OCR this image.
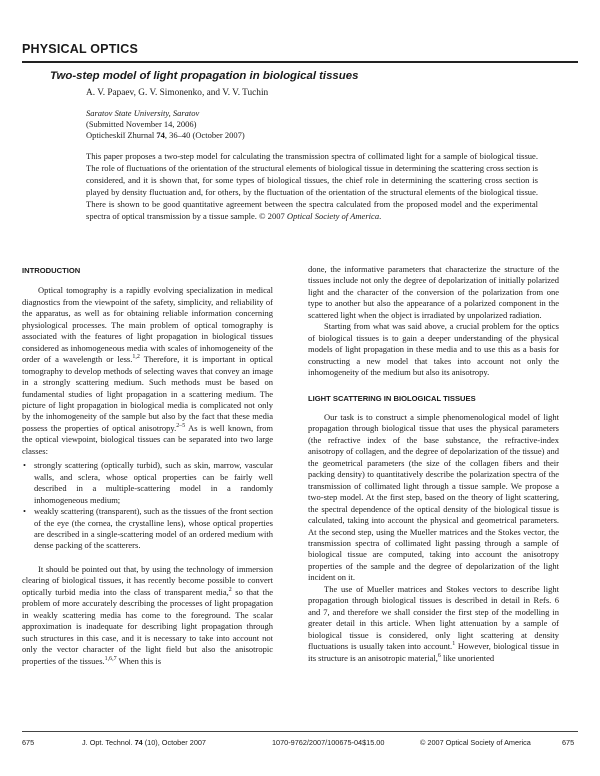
PHYSICAL OPTICS
Two-step model of light propagation in biological tissues
A. V. Papaev, G. V. Simonenko, and V. V. Tuchin
Saratov State University, Saratov
(Submitted November 14, 2006)
Opticheskiĭ Zhurnal 74, 36–40 (October 2007)

This paper proposes a two-step model for calculating the transmission spectra of collimated light for a sample of biological tissue. The role of fluctuations of the orientation of the structural elements of biological tissue in determining the scattering cross section is considered, and it is shown that, for some types of biological tissues, the chief role in determining the scattering cross section is played by density fluctuation and, for others, by the fluctuation of the orientation of the structural elements of the biological tissue. There is shown to be good quantitative agreement between the spectra calculated from the proposed model and the experimental spectra of optical transmission by a tissue sample. © 2007 Optical Society of America.

INTRODUCTION

Optical tomography is a rapidly evolving specialization in medical diagnostics from the viewpoint of the safety, simplicity, and reliability of the apparatus, as well as for obtaining reliable information concerning physiological processes. The main problem of optical tomography is associated with the features of light propagation in biological tissues considered as inhomogeneous media with scales of inhomogeneity of the order of a wavelength or less.$^{1,2}$ Therefore, it is important in optical tomography to develop methods of selecting waves that convey an image in a strongly scattering medium. Such methods must be based on fundamental studies of light propagation in a scattering medium. The picture of light propagation in biological media is complicated not only by the inhomogeneity of the sample but also by the fact that these media possess the properties of optical anisotropy.$^{2-5}$ As is well known, from the optical viewpoint, biological tissues can be separated into two large classes:

• strongly scattering (optically turbid), such as skin, marrow, vascular walls, and sclera, whose optical properties can be fairly well described in a multiple-scattering model in a randomly inhomogeneous medium;
• weakly scattering (transparent), such as the tissues of the front section of the eye (the cornea, the crystalline lens), whose optical properties are described in a single-scattering model of an ordered medium with dense packing of the scatterers.

It should be pointed out that, by using the technology of immersion clearing of biological tissues, it has recently become possible to convert optically turbid media into the class of transparent media,$^2$ so that the problem of more accurately describing the processes of light propagation in weakly scattering media has come to the foreground. The scalar approximation is inadequate for describing light propagation through such structures in this case, and it is necessary to take into account not only the vector character of the light field but also the anisotropic properties of the tissues.$^{1,6,7}$ When this is

done, the informative parameters that characterize the structure of the tissues include not only the degree of depolarization of initially polarized light and the character of the conversion of the polarization from one type to another but also the appearance of a polarized component in the scattered light when the object is irradiated by unpolarized radiation.

Starting from what was said above, a crucial problem for the optics of biological tissues is to gain a deeper understanding of the physical models of light propagation in these media and to use this as a basis for constructing a new model that takes into account not only the inhomogeneity of the medium but also its anisotropy.

LIGHT SCATTERING IN BIOLOGICAL TISSUES

Our task is to construct a simple phenomenological model of light propagation through biological tissue that uses the physical parameters (the refractive index of the base substance, the refractive-index anisotropy of collagen, and the degree of depolarization of the tissue) and the geometrical parameters (the size of the collagen fibers and their packing density) to quantitatively describe the polarization spectra of the transmission of collimated light through a tissue sample. We propose a two-step model. At the first step, based on the theory of light scattering, the spectral dependence of the optical density of the biological tissue is calculated, taking into account the physical and geometrical parameters. At the second step, using the Mueller matrices and the Stokes vector, the transmission spectra of collimated light passing through a sample of biological tissue are computed, taking into account the anisotropy properties of the sample and the degree of depolarization of the light incident on it.

The use of Mueller matrices and Stokes vectors to describe light propagation through biological tissues is described in detail in Refs. 6 and 7, and therefore we shall consider the first step of the modelling in greater detail in this article. When light attenuation by a sample of biological tissue is considered, only light scattering at density fluctuations is usually taken into account.$^1$ However, biological tissue in its structure is an anisotropic material,$^6$ like unoriented

675	J. Opt. Technol. 74 (10), October 2007	1070-9762/2007/100675-04$15.00	© 2007 Optical Society of America	675
